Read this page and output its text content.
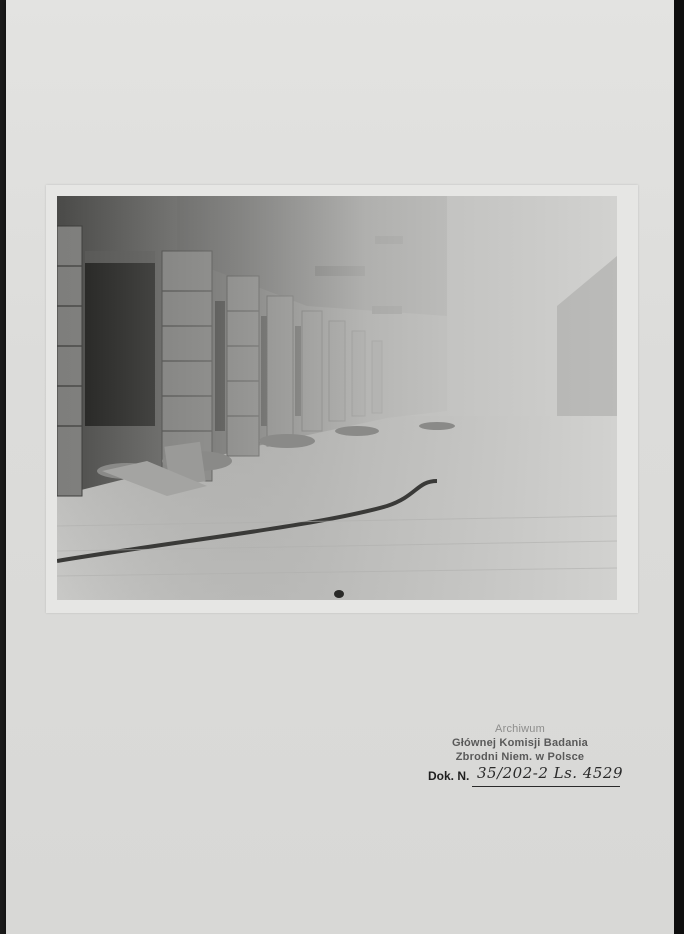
Archiwum
Głównej Komisji Badania
Zbrodni Niem. w Polsce
Dok. N. 35/202-2 Ls. 4529
